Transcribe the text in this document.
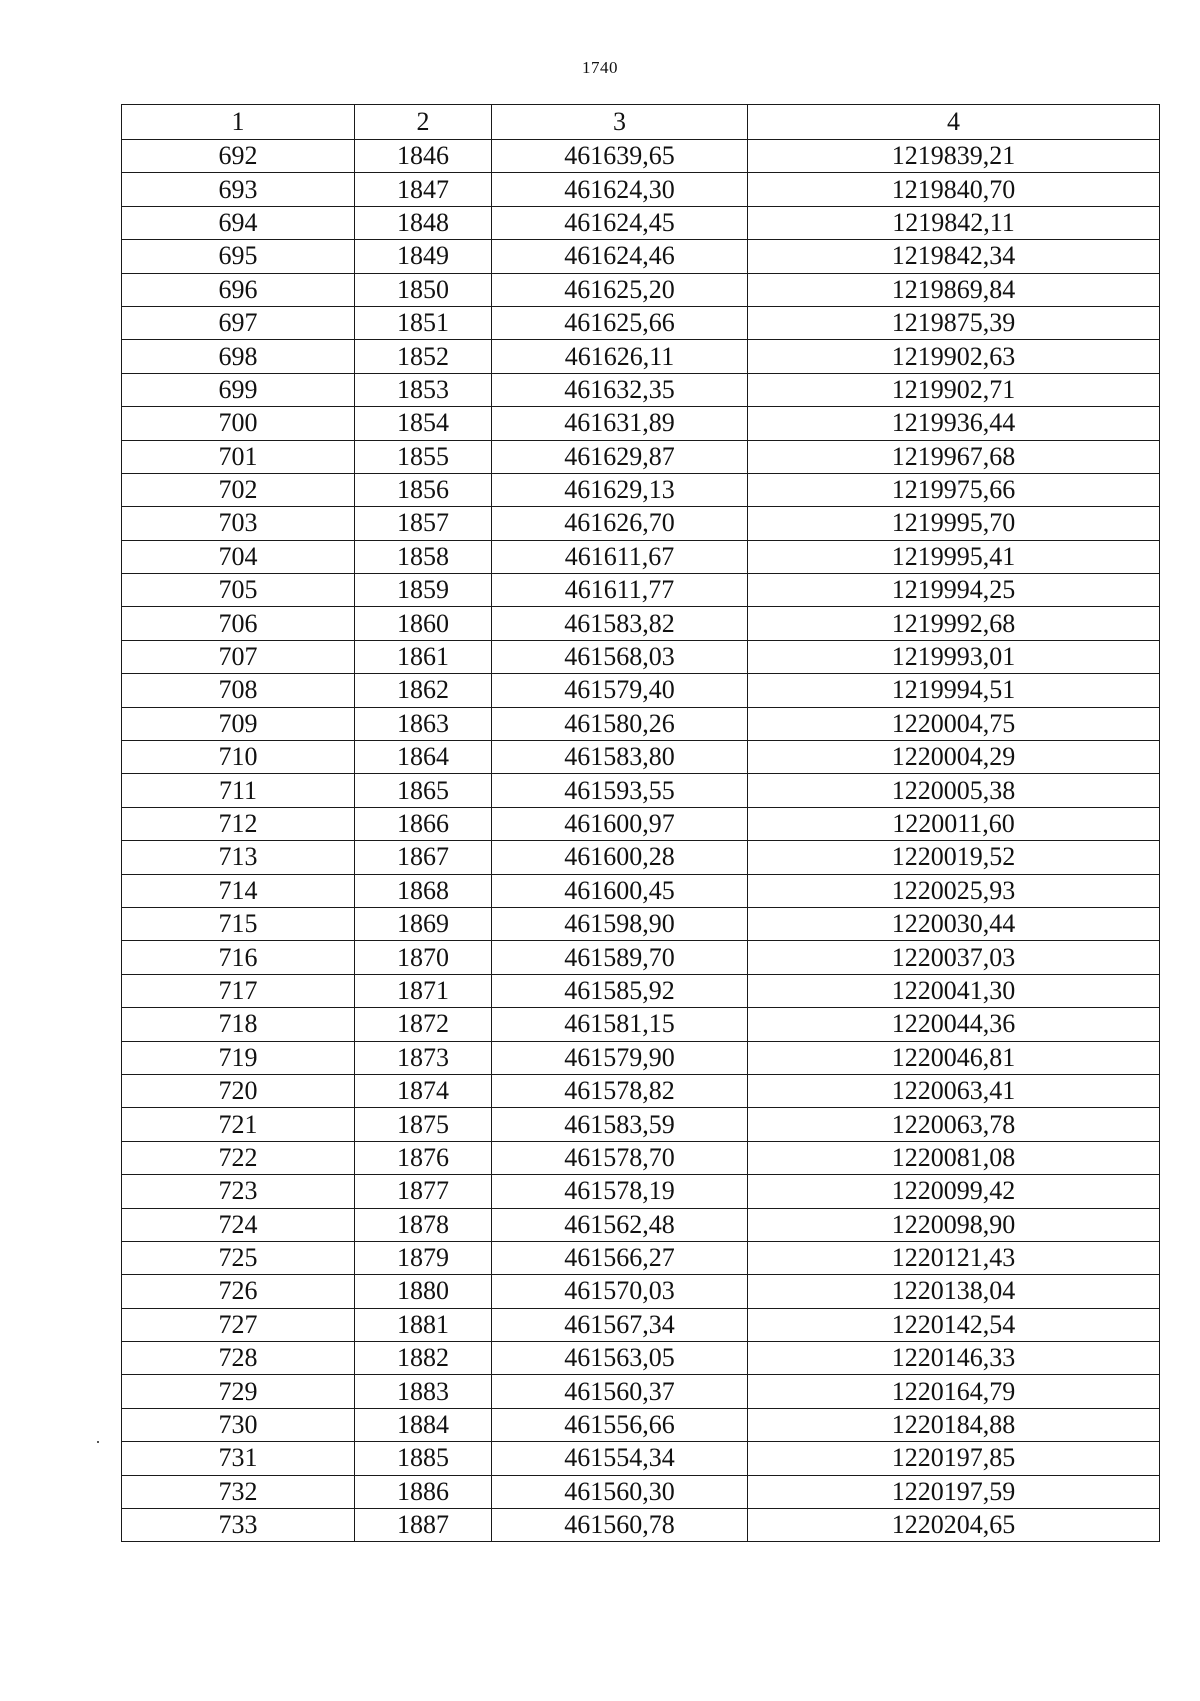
1740
1	2	3	4
692	1846	461639,65	1219839,21
693	1847	461624,30	1219840,70
694	1848	461624,45	1219842,11
695	1849	461624,46	1219842,34
696	1850	461625,20	1219869,84
697	1851	461625,66	1219875,39
698	1852	461626,11	1219902,63
699	1853	461632,35	1219902,71
700	1854	461631,89	1219936,44
701	1855	461629,87	1219967,68
702	1856	461629,13	1219975,66
703	1857	461626,70	1219995,70
704	1858	461611,67	1219995,41
705	1859	461611,77	1219994,25
706	1860	461583,82	1219992,68
707	1861	461568,03	1219993,01
708	1862	461579,40	1219994,51
709	1863	461580,26	1220004,75
710	1864	461583,80	1220004,29
711	1865	461593,55	1220005,38
712	1866	461600,97	1220011,60
713	1867	461600,28	1220019,52
714	1868	461600,45	1220025,93
715	1869	461598,90	1220030,44
716	1870	461589,70	1220037,03
717	1871	461585,92	1220041,30
718	1872	461581,15	1220044,36
719	1873	461579,90	1220046,81
720	1874	461578,82	1220063,41
721	1875	461583,59	1220063,78
722	1876	461578,70	1220081,08
723	1877	461578,19	1220099,42
724	1878	461562,48	1220098,90
725	1879	461566,27	1220121,43
726	1880	461570,03	1220138,04
727	1881	461567,34	1220142,54
728	1882	461563,05	1220146,33
729	1883	461560,37	1220164,79
730	1884	461556,66	1220184,88
731	1885	461554,34	1220197,85
732	1886	461560,30	1220197,59
733	1887	461560,78	1220204,65
